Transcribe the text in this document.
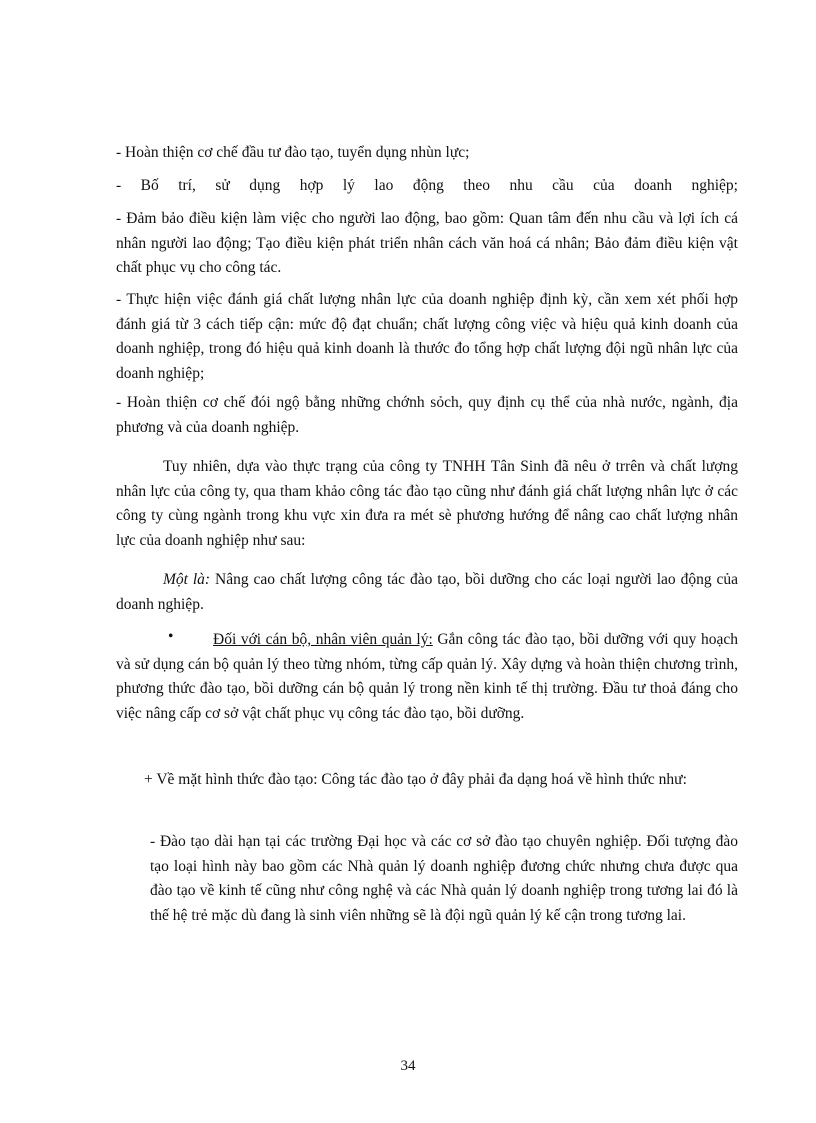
- Hoàn thiện cơ chế đầu tư đào tạo, tuyển dụng nhùn lực;

- Bố trí, sử dụng hợp lý lao động theo nhu cầu của doanh nghiệp;

- Đảm bảo điều kiện làm việc cho người lao động, bao gồm: Quan tâm đến nhu cầu và lợi ích cá nhân người lao động; Tạo điều kiện phát triển nhân cách văn hoá cá nhân; Bảo đảm điều kiện vật chất phục vụ cho công tác.

- Thực hiện việc đánh giá chất lượng nhân lực của doanh nghiệp định kỳ, cần xem xét phối hợp đánh giá từ 3 cách tiếp cận: mức độ đạt chuẩn; chất lượng công việc và hiệu quả kinh doanh của doanh nghiệp, trong đó hiệu quả kinh doanh là thước đo tổng hợp chất lượng đội ngũ nhân lực của doanh nghiệp;

- Hoàn thiện cơ chế đói ngộ bằng những chớnh sỏch, quy định cụ thể của nhà nước, ngành, địa phương và của doanh nghiệp.

Tuy nhiên, dựa vào thực trạng của công ty TNHH Tân Sinh đã nêu ở trrên và chất lượng nhân lực của công ty, qua tham khảo công tác đào tạo cũng như đánh giá chất lượng nhân lực ở các công ty cùng ngành trong khu vực xin đưa ra mét sè phương hướng để nâng cao chất lượng nhân lực của doanh nghiệp như sau:

Một là: Nâng cao chất lượng công tác đào tạo, bồi dưỡng cho các loại người lao động của doanh nghiệp.

•	Đối với cán bộ, nhân viên quản lý: Gắn công tác đào tạo, bồi dưỡng với quy hoạch và sử dụng cán bộ quản lý theo từng nhóm, từng cấp quản lý. Xây dựng và hoàn thiện chương trình, phương thức đào tạo, bồi dưỡng cán bộ quản lý trong nền kinh tế thị trường. Đầu tư thoả đáng cho việc nâng cấp cơ sở vật chất phục vụ công tác đào tạo, bồi dưỡng.

+ Về mặt hình thức đào tạo: Công tác đào tạo ở đây phải đa dạng hoá về hình thức như:

- Đào tạo dài hạn tại các trường Đại học và các cơ sở đào tạo chuyên nghiệp. Đối tượng đào tạo loại hình này bao gồm các Nhà quản lý doanh nghiệp đương chức nhưng chưa được qua đào tạo về kinh tế cũng như công nghệ và các Nhà quản lý doanh nghiệp trong tương lai đó là thế hệ trẻ mặc dù đang là sinh viên những sẽ là đội ngũ quản lý kế cận trong tương lai.

34
